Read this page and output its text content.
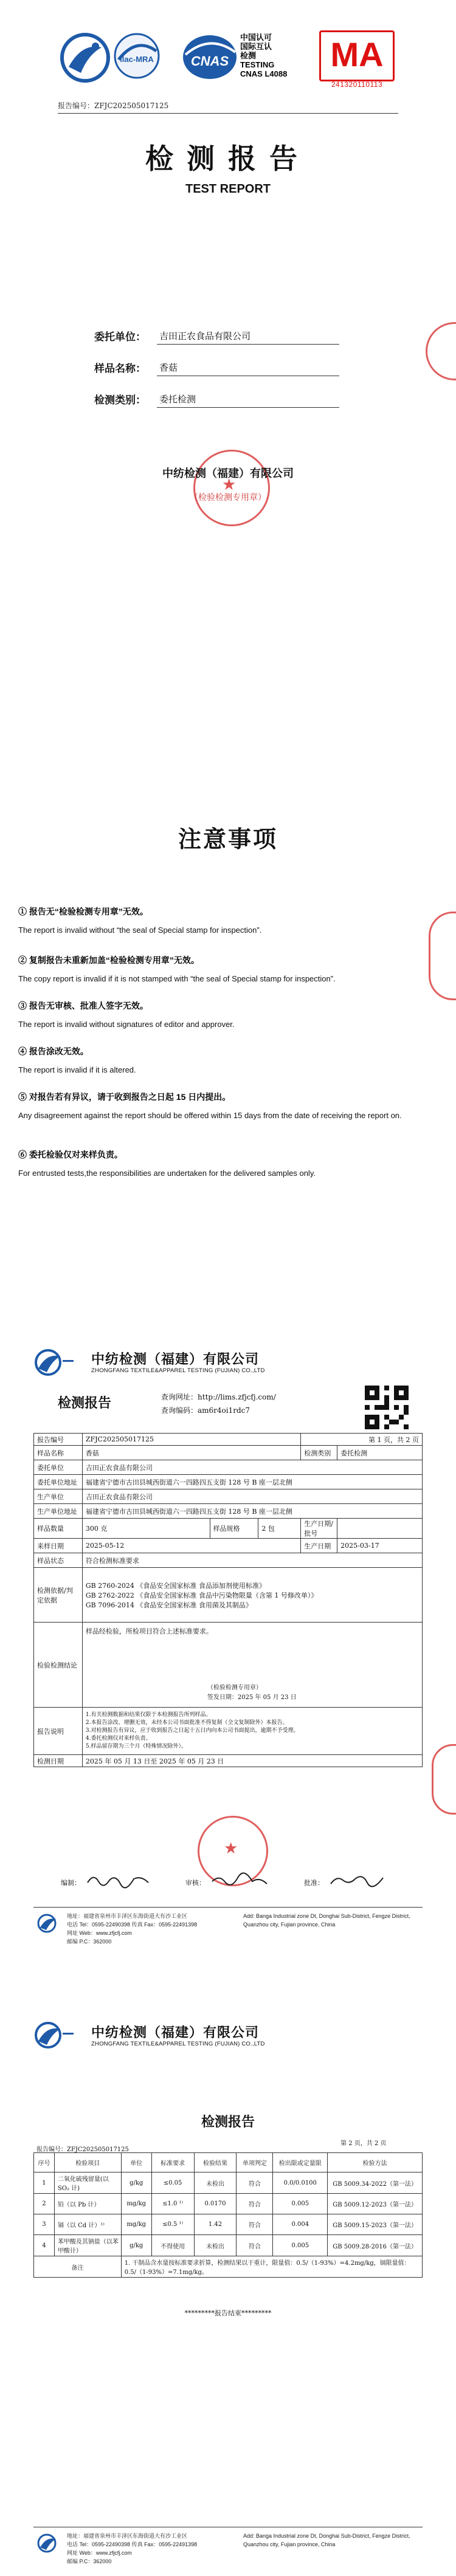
ilac-MRA	CNAS
中国认可
国际互认
检测
TESTING
CNAS L4088
MA
241320110113
报告编号：ZFJC202505017125
检测报告
TEST REPORT
委托单位： 吉田正农食品有限公司
样品名称： 香菇
检测类别： 委托检测
★
中纺检测（福建）有限公司
（检验检测专用章）
注意事项
① 报告无“检验检测专用章”无效。
The report is invalid without “the seal of Special stamp for inspection”.
② 复制报告未重新加盖“检验检测专用章”无效。
The copy report is invalid if it is not stamped with “the seal of Special stamp for inspection”.
③ 报告无审核、批准人签字无效。
The report is invalid without signatures of editor and approver.
④ 报告涂改无效。
The report is invalid if it is altered.
⑤ 对报告若有异议，请于收到报告之日起 15 日内提出。
Any disagreement against the report should be offered within 15 days from the date of receiving the report on.
⑥ 委托检验仅对来样负责。
For entrusted tests,the responsibilities are undertaken for the delivered samples only.
中纺检测（福建）有限公司
ZHONGFANG TEXTILE&APPAREL TESTING (FUJIAN) CO.,LTD
检测报告	查询网址：http://lims.zfjcfj.com/
查询编码：am6r4oi1rdc7
报告编号	ZFJC202505017125			第 1 页，共 2 页	
样品名称	香菇			检测类别	委托检测
委托单位	吉田正农食品有限公司				
委托单位地址	福建省宁德市古田县城西街道六一四路四五支街 128 号 B 座一层北侧				
生产单位	吉田正农食品有限公司				
生产单位地址	福建省宁德市古田县城西街道六一四路四五支街 128 号 B 座一层北侧				
样品数量	300 克	样品规格	2 包	生产日期/批号	
来样日期	2025-05-12			生产日期	2025-03-17
样品状态	符合检测标准要求				
检测依据/判定依据	GB 2760-2024 《食品安全国家标准 食品添加剂使用标准》
GB 2762-2022 《食品安全国家标准 食品中污染物限量（含第 1 号修改单）》
GB 7096-2014 《食品安全国家标准 食用菌及其制品》				

检验检测结论	样品经检验，所检项目符合上述标准要求。
（检验检测专用章）
签发日期：2025 年 05 月 23 日				

报告说明	1.有关检测数据和结果仅限于本检测报告所列样品。
2.本报告涂改、增删无效，未经本公司书面批准不得复制（全文复制除外）本报告。
3.对检测报告有异议，应于收到报告之日起十五日内向本公司书面提出，逾期不予受理。
4.委托检测仅对来样负责。
5.样品留存期为三个月（特殊情况除外）。				

检测日期	2025 年 05 月 13 日至 2025 年 05 月 23 日				
★
编制：	审核：	批准：
地址：福建省泉州市丰泽区东海街道大有沙工业区
电话 Tel：0595-22490398 传真 Fax：0595-22491398
网址 Web：www.zfjcfj.com
邮编 P.C：362000
Add: Banga Industrial zone Dt, Donghai Sub-District, Fengze District, Quanzhou city, Fujian province, China
中纺检测（福建）有限公司
ZHONGFANG TEXTILE&APPAREL TESTING (FUJIAN) CO.,LTD
检测报告
报告编号：ZFJC202505017125
第 2 页，共 2 页
序号	检验项目	单位	标准要求	检验结果	单项判定	检出限或定量限	检验方法
1	二氧化硫残留量(以 SO₂ 计)	g/kg	≤0.05	未检出	符合	0.0/0.0100	GB 5009.34-2022（第一法）
2	铅（以 Pb 计）	mg/kg	≤1.0 ¹⁾	0.0170	符合	0.005	GB 5009.12-2023（第一法）
3	镉（以 Cd 计）¹⁾	mg/kg	≤0.5 ¹⁾	1.42	符合	0.004	GB 5009.15-2023（第一法）
4	苯甲酸及其钠盐（以苯甲酸计）	g/kg	不得使用	未检出	符合	0.005	GB 5009.28-2016（第一法）
备注		1. 干制品含水量按标准要求折算，检测结果以干重计，限量值：0.5/（1-93%）=4.2mg/kg，镉限量值：0.5/（1-93%）=7.1mg/kg。					
*********报告结束*********
地址：福建省泉州市丰泽区东海街道大有沙工业区
电话 Tel：0595-22490398 传真 Fax：0595-22491398
网址 Web：www.zfjcfj.com
邮编 P.C：362000
Add: Banga Industrial zone Dt, Donghai Sub-District, Fengze District, Quanzhou city, Fujian province, China
